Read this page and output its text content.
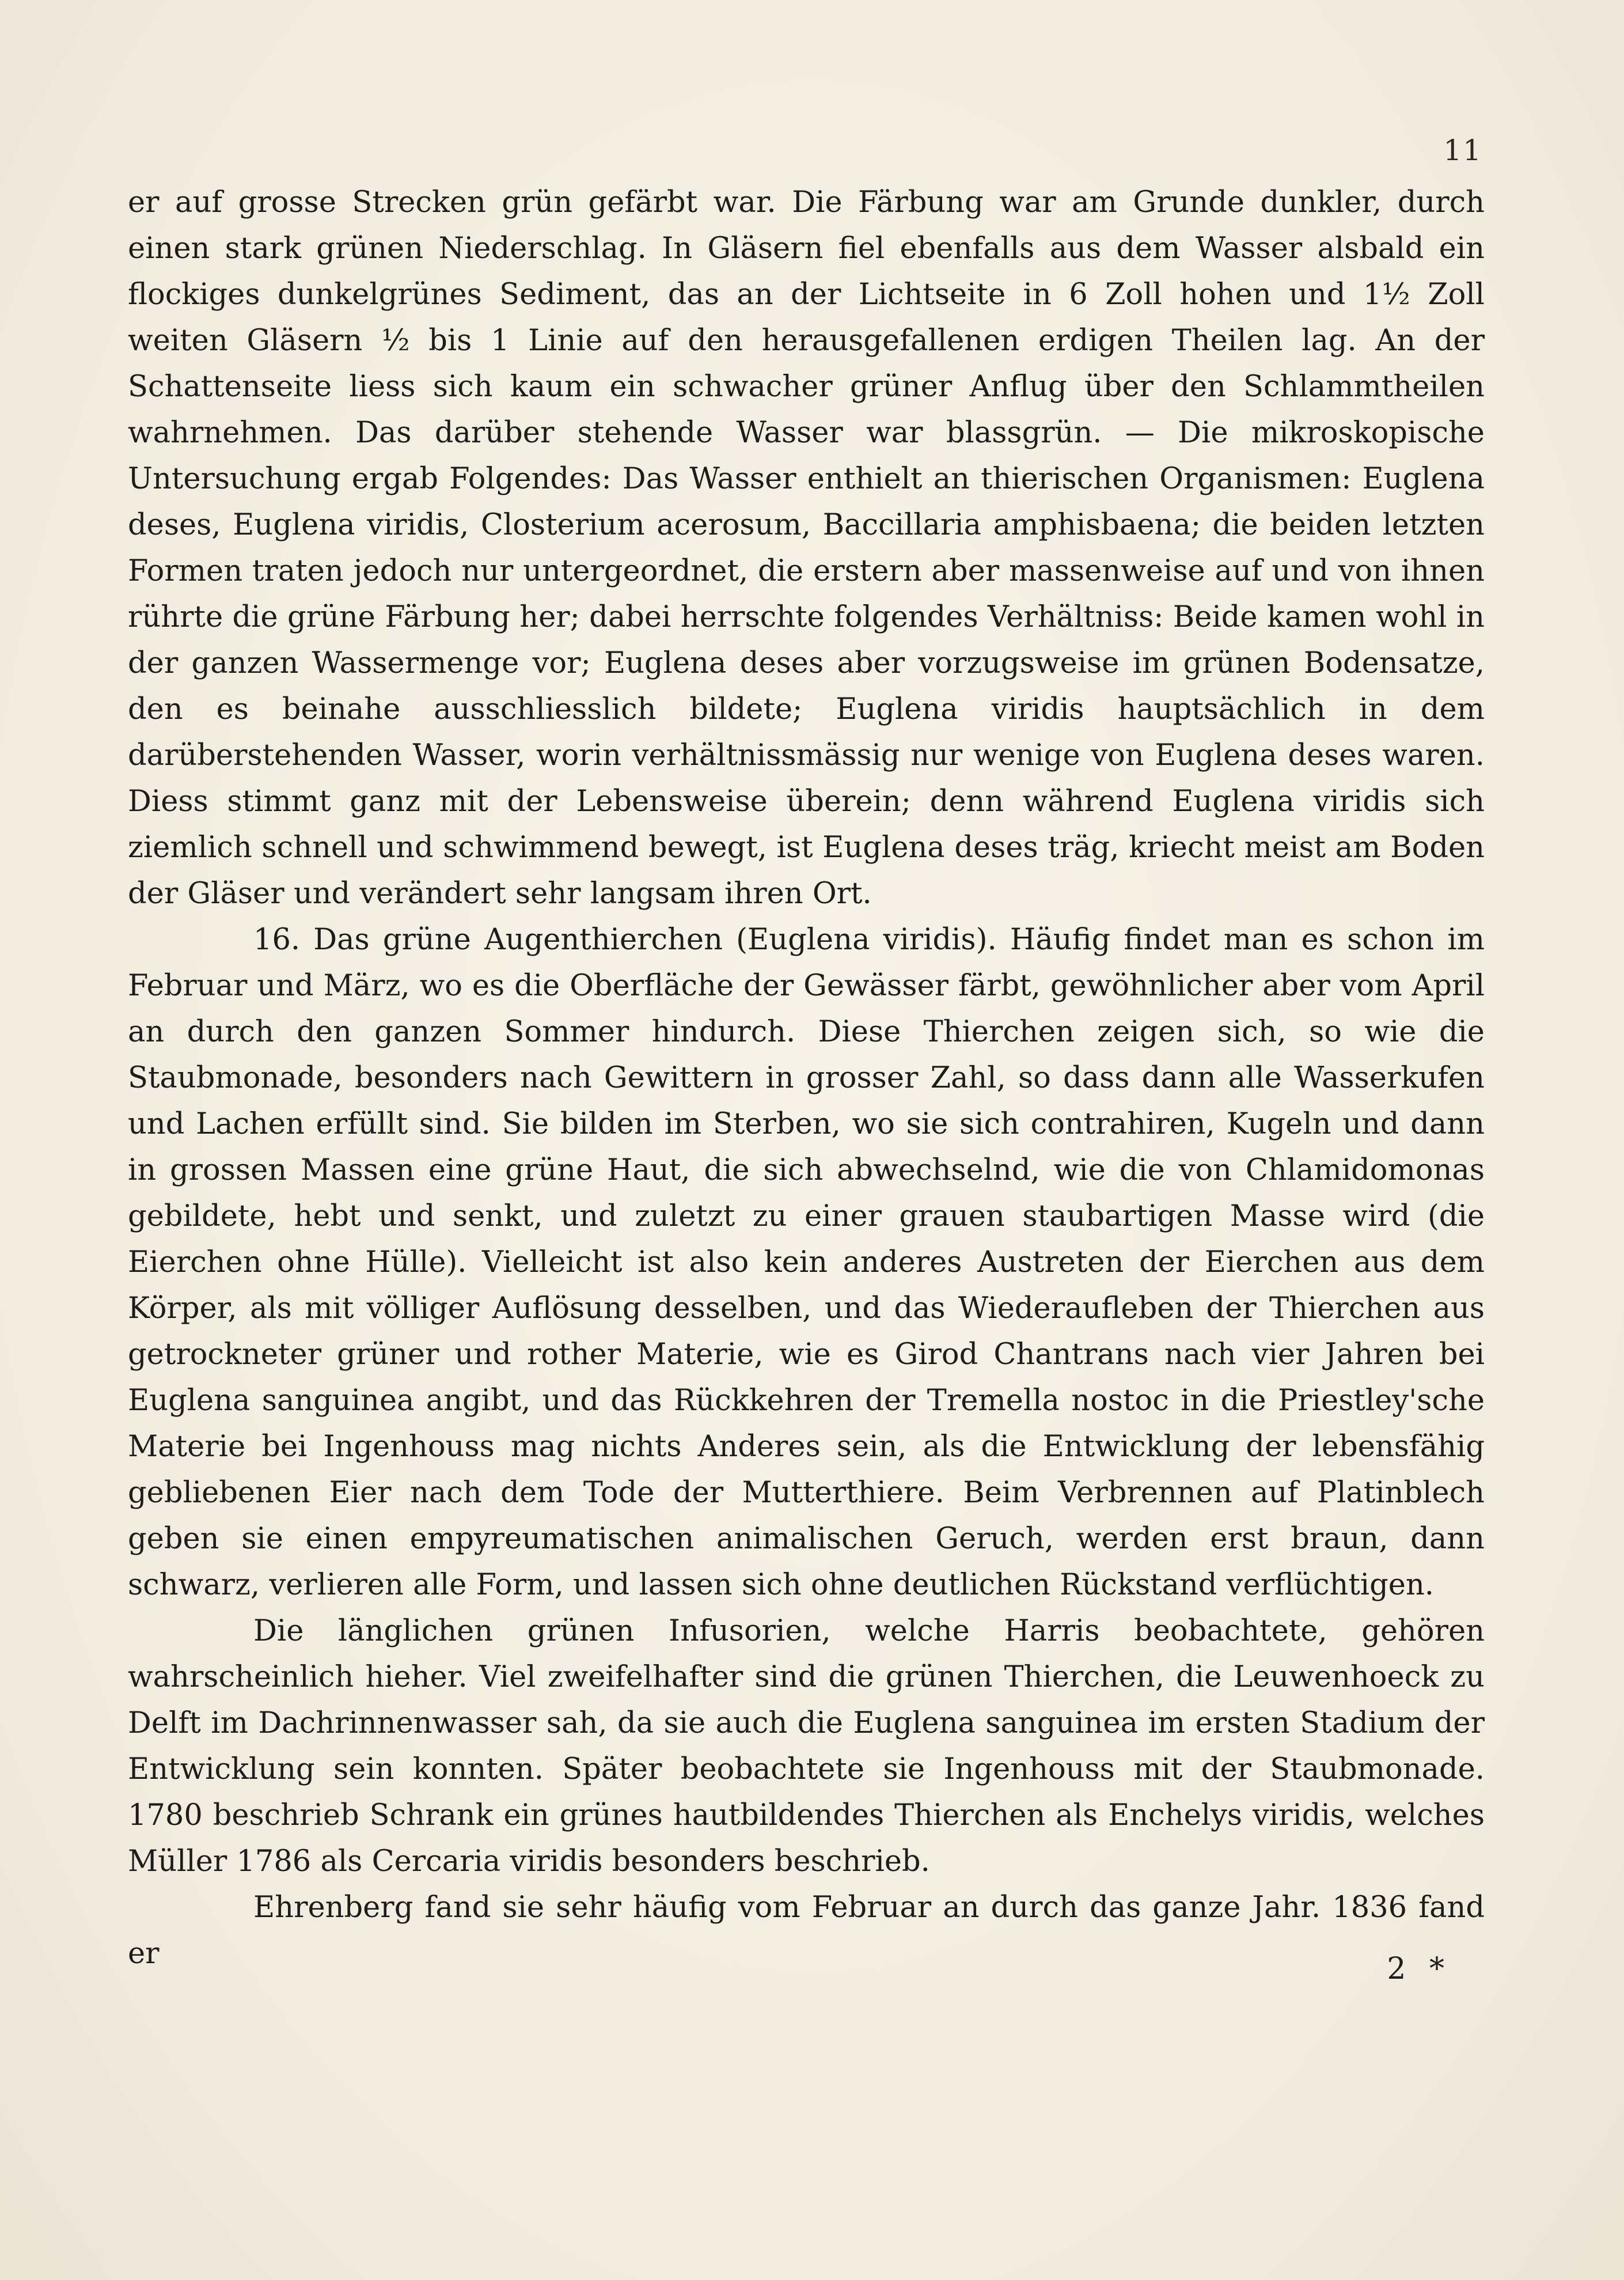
11

er auf grosse Strecken grün gefärbt war. Die Färbung war am Grunde dunkler, durch einen stark grünen Niederschlag. In Gläsern fiel ebenfalls aus dem Wasser alsbald ein flockiges dunkelgrünes Sediment, das an der Lichtseite in 6 Zoll hohen und 1½ Zoll weiten Gläsern ½ bis 1 Linie auf den herausgefallenen erdigen Theilen lag. An der Schattenseite liess sich kaum ein schwacher grüner Anflug über den Schlammtheilen wahrnehmen. Das darüber stehende Wasser war blassgrün. — Die mikroskopische Untersuchung ergab Folgendes: Das Wasser enthielt an thierischen Organismen: Euglena deses, Euglena viridis, Closterium acerosum, Baccillaria amphisbaena; die beiden letzten Formen traten jedoch nur untergeordnet, die erstern aber massenweise auf und von ihnen rührte die grüne Färbung her; dabei herrschte folgendes Verhältniss: Beide kamen wohl in der ganzen Wassermenge vor; Euglena deses aber vorzugsweise im grünen Bodensatze, den es beinahe ausschliesslich bildete; Euglena viridis hauptsächlich in dem darüberstehenden Wasser, worin verhältnissmässig nur wenige von Euglena deses waren. Diess stimmt ganz mit der Lebensweise überein; denn während Euglena viridis sich ziemlich schnell und schwimmend bewegt, ist Euglena deses träg, kriecht meist am Boden der Gläser und verändert sehr langsam ihren Ort.

16. Das grüne Augenthierchen (Euglena viridis). Häufig findet man es schon im Februar und März, wo es die Oberfläche der Gewässer färbt, gewöhnlicher aber vom April an durch den ganzen Sommer hindurch. Diese Thierchen zeigen sich, so wie die Staubmonade, besonders nach Gewittern in grosser Zahl, so dass dann alle Wasserkufen und Lachen erfüllt sind. Sie bilden im Sterben, wo sie sich contrahiren, Kugeln und dann in grossen Massen eine grüne Haut, die sich abwechselnd, wie die von Chlamidomonas gebildete, hebt und senkt, und zuletzt zu einer grauen staubartigen Masse wird (die Eierchen ohne Hülle). Vielleicht ist also kein anderes Austreten der Eierchen aus dem Körper, als mit völliger Auflösung desselben, und das Wiederaufleben der Thierchen aus getrockneter grüner und rother Materie, wie es Girod Chantrans nach vier Jahren bei Euglena sanguinea angibt, und das Rückkehren der Tremella nostoc in die Priestley'sche Materie bei Ingenhouss mag nichts Anderes sein, als die Entwicklung der lebensfähig gebliebenen Eier nach dem Tode der Mutterthiere. Beim Verbrennen auf Platinblech geben sie einen empyreumatischen animalischen Geruch, werden erst braun, dann schwarz, verlieren alle Form, und lassen sich ohne deutlichen Rückstand verflüchtigen.

Die länglichen grünen Infusorien, welche Harris beobachtete, gehören wahrscheinlich hieher. Viel zweifelhafter sind die grünen Thierchen, die Leuwenhoeck zu Delft im Dachrinnenwasser sah, da sie auch die Euglena sanguinea im ersten Stadium der Entwicklung sein konnten. Später beobachtete sie Ingenhouss mit der Staubmonade. 1780 beschrieb Schrank ein grünes hautbildendes Thierchen als Enchelys viridis, welches Müller 1786 als Cercaria viridis besonders beschrieb.

Ehrenberg fand sie sehr häufig vom Februar an durch das ganze Jahr. 1836 fand er	2 *
